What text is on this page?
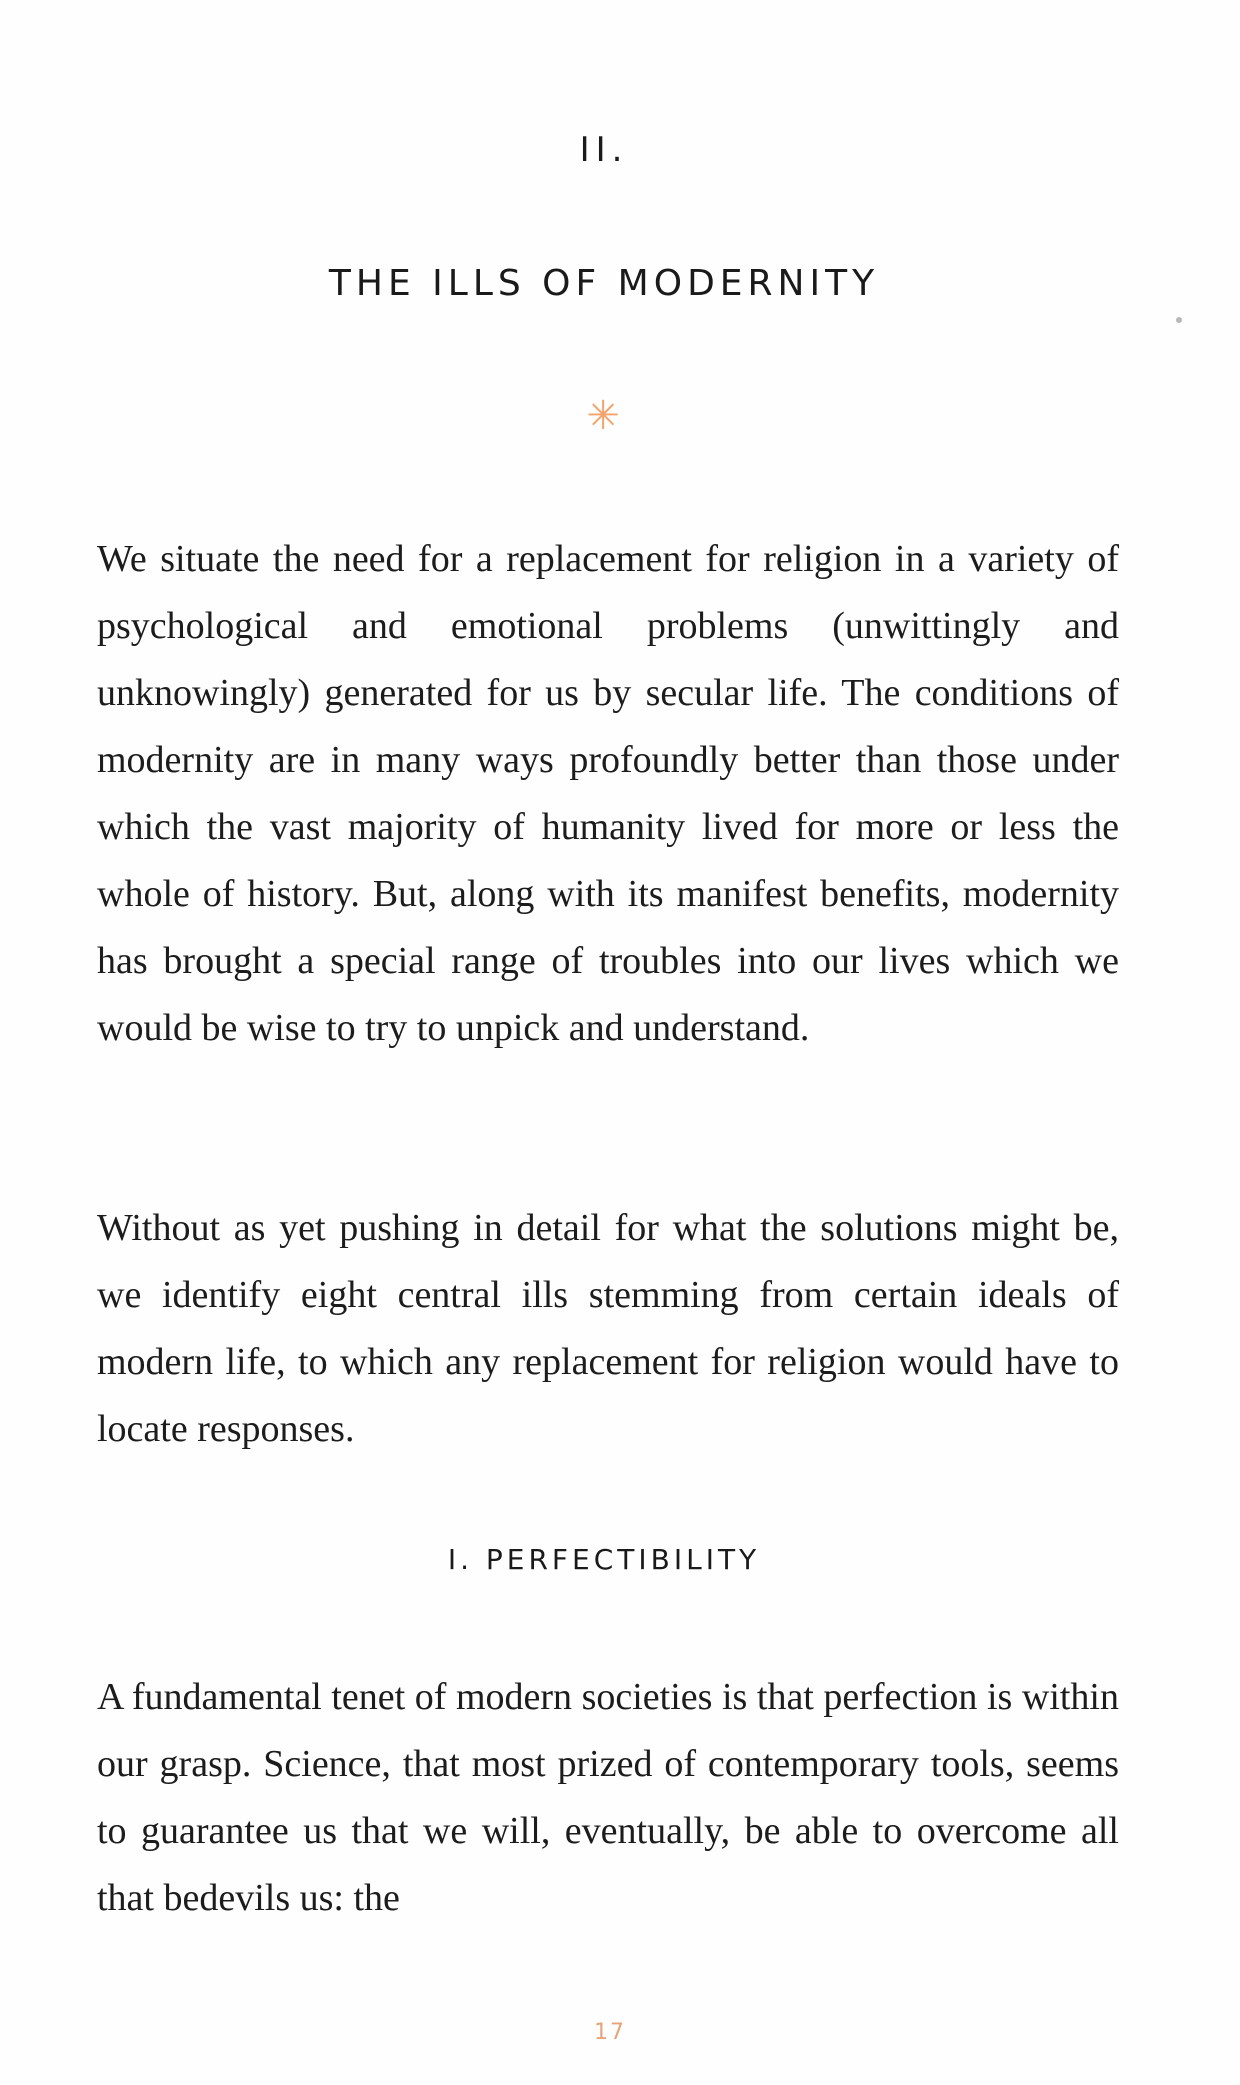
II.
THE ILLS OF MODERNITY
✳

We situate the need for a replacement for religion in a variety of psychological and emotional problems (unwittingly and unknowingly) generated for us by secular life. The conditions of modernity are in many ways profoundly better than those under which the vast majority of humanity lived for more or less the whole of history. But, along with its manifest benefits, modernity has brought a special range of troubles into our lives which we would be wise to try to unpick and understand.

Without as yet pushing in detail for what the solutions might be, we identify eight central ills stemming from certain ideals of modern life, to which any replacement for religion would have to locate responses.

I. PERFECTIBILITY

A fundamental tenet of modern societies is that perfection is within our grasp. Science, that most prized of contemporary tools, seems to guarantee us that we will, eventually, be able to overcome all that bedevils us: the

17
